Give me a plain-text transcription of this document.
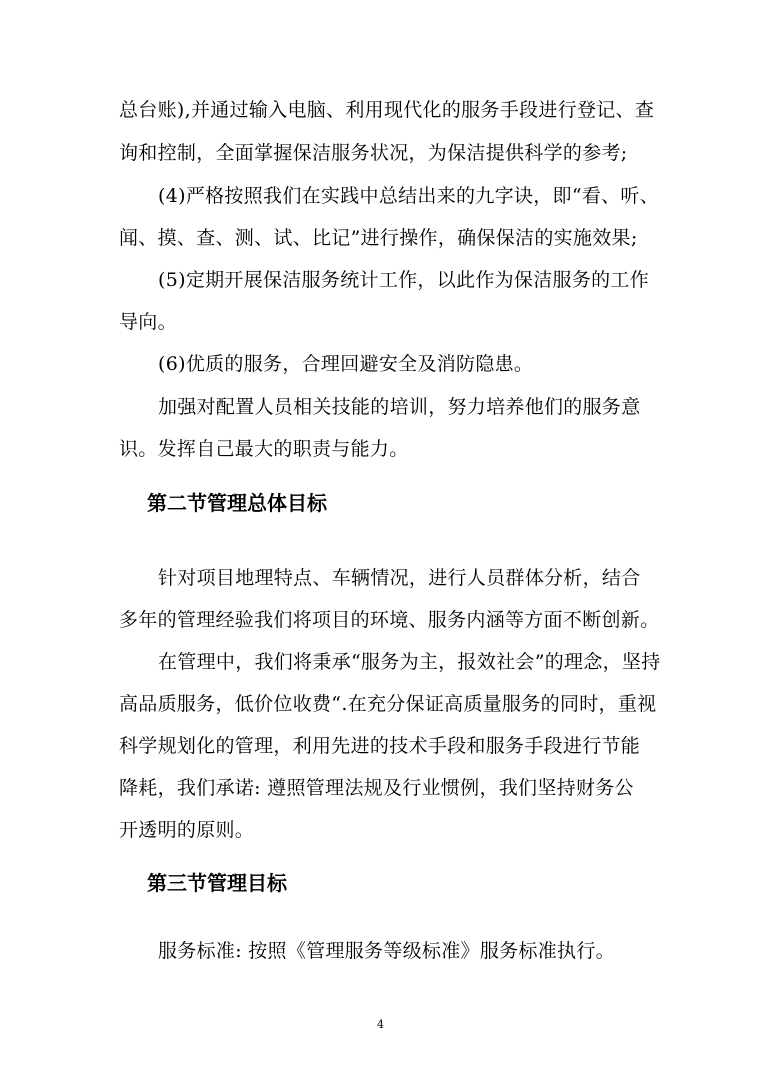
总台账),并通过输入电脑、利用现代化的服务手段进行登记、查
询和控制，全面掌握保洁服务状况，为保洁提供科学的参考;
(4)严格按照我们在实践中总结出来的九字诀，即“看、听、
闻、摸、查、测、试、比记”进行操作，确保保洁的实施效果;
(5)定期开展保洁服务统计工作，以此作为保洁服务的工作
导向。
(6)优质的服务，合理回避安全及消防隐患。
加强对配置人员相关技能的培训，努力培养他们的服务意
识。发挥自己最大的职责与能力。
第二节管理总体目标
针对项目地理特点、车辆情况，进行人员群体分析，结合
多年的管理经验我们将项目的环境、服务内涵等方面不断创新。
在管理中，我们将秉承“服务为主，报效社会”的理念，坚持
高品质服务，低价位收费“.在充分保证高质量服务的同时，重视
科学规划化的管理，利用先进的技术手段和服务手段进行节能
降耗，我们承诺: 遵照管理法规及行业惯例，我们坚持财务公
开透明的原则。
第三节管理目标
服务标准: 按照《管理服务等级标准》服务标准执行。
4
